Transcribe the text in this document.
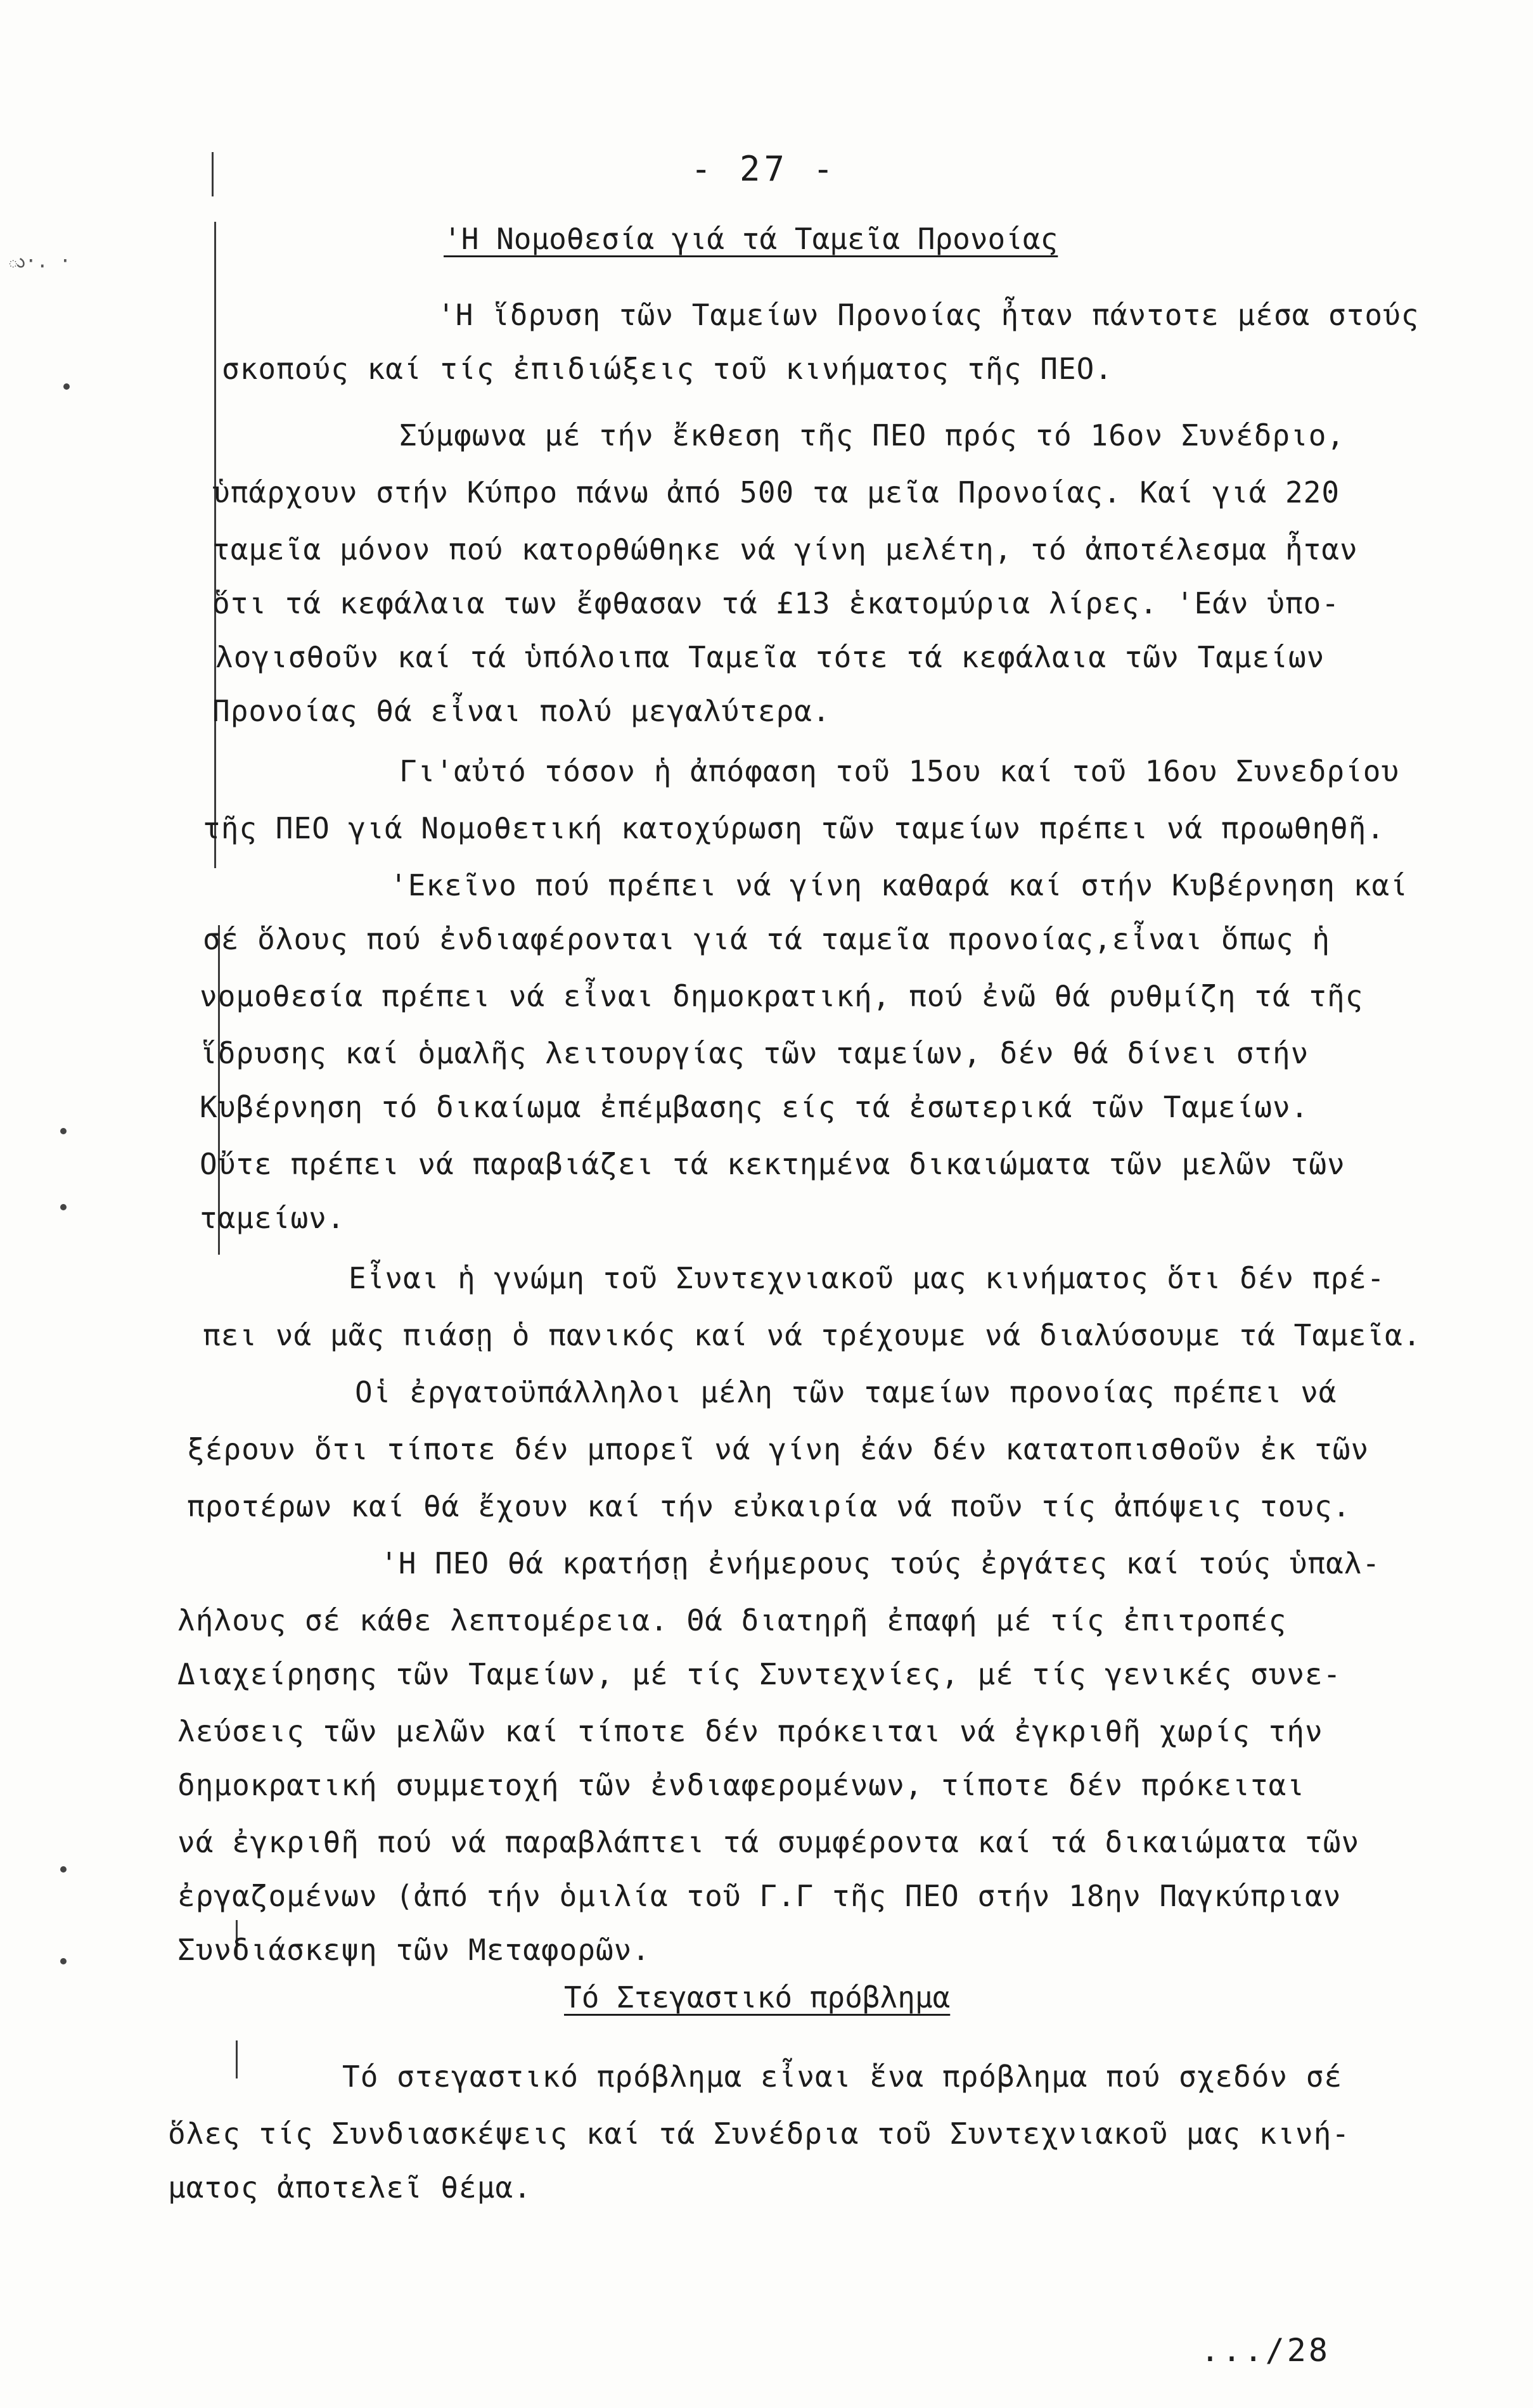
ు·. ·
- 27 -
'Η Νομοθεσία γιά τά Ταμεῖα Προνοίας
'Η ἵδρυση τῶν Ταμείων Προνοίας ἦταν πάντοτε μέσα στούς
σκοπούς καί τίς ἐπιδιώξεις τοῦ κινήματος τῆς ΠΕΟ.
Σύμφωνα μέ τήν ἔκθεση τῆς ΠΕΟ πρός τό 16ον Συνέδριο,
ὑπάρχουν στήν Κύπρο πάνω ἀπό 500 τα μεῖα Προνοίας. Καί γιά 220
ταμεῖα μόνον πού κατορθώθηκε νά γίνη μελέτη, τό ἀποτέλεσμα ἦταν
ὅτι τά κεφάλαια των ἔφθασαν τά £13 ἑκατομύρια λίρες. 'Εάν ὑπο-
λογισθοῦν καί τά ὑπόλοιπα Ταμεῖα τότε τά κεφάλαια τῶν Ταμείων
Προνοίας θά εἶναι πολύ μεγαλύτερα.
Γι'αὐτό τόσον ἡ ἀπόφαση τοῦ 15ου καί τοῦ 16ου Συνεδρίου
τῆς ΠΕΟ γιά Νομοθετική κατοχύρωση τῶν ταμείων πρέπει νά προωθηθῆ.
'Εκεῖνο πού πρέπει νά γίνη καθαρά καί στήν Κυβέρνηση καί
σέ ὅλους πού ἐνδιαφέρονται γιά τά ταμεῖα προνοίας,εἶναι ὅπως ἡ
νομοθεσία πρέπει νά εἶναι δημοκρατική, πού ἐνῶ θά ρυθμίζη τά τῆς
ἵδρυσης καί ὁμαλῆς λειτουργίας τῶν ταμείων, δέν θά δίνει στήν
Κυβέρνηση τό δικαίωμα ἐπέμβασης είς τά ἐσωτερικά τῶν Ταμείων.
Οὔτε πρέπει νά παραβιάζει τά κεκτημένα δικαιώματα τῶν μελῶν τῶν
ταμείων.
Εἶναι ἡ γνώμη τοῦ Συντεχνιακοῦ μας κινήματος ὅτι δέν πρέ-
πει νά μᾶς πιάσῃ ὁ πανικός καί νά τρέχουμε νά διαλύσουμε τά Ταμεῖα.
Οἱ ἐργατοϋπάλληλοι μέλη τῶν ταμείων προνοίας πρέπει νά
ξέρουν ὅτι τίποτε δέν μπορεῖ νά γίνη ἐάν δέν κατατοπισθοῦν ἐκ τῶν
προτέρων καί θά ἔχουν καί τήν εὐκαιρία νά ποῦν τίς ἀπόψεις τους.
'Η ΠΕΟ θά κρατήσῃ ἐνήμερους τούς ἐργάτες καί τούς ὑπαλ-
λήλους σέ κάθε λεπτομέρεια. Θά διατηρῆ ἐπαφή μέ τίς ἐπιτροπές
Διαχείρησης τῶν Ταμείων, μέ τίς Συντεχνίες, μέ τίς γενικές συνε-
λεύσεις τῶν μελῶν καί τίποτε δέν πρόκειται νά ἐγκριθῆ χωρίς τήν
δημοκρατική συμμετοχή τῶν ἐνδιαφερομένων, τίποτε δέν πρόκειται
νά ἐγκριθῆ πού νά παραβλάπτει τά συμφέροντα καί τά δικαιώματα τῶν
ἐργαζομένων (ἀπό τήν ὁμιλία τοῦ Γ.Γ τῆς ΠΕΟ στήν 18ην Παγκύπριαν
Συνδιάσκεψη τῶν Μεταφορῶν.
Τό Στεγαστικό πρόβλημα
Τό στεγαστικό πρόβλημα εἶναι ἕνα πρόβλημα πού σχεδόν σέ
ὅλες τίς Συνδιασκέψεις καί τά Συνέδρια τοῦ Συντεχνιακοῦ μας κινή-
ματος ἀποτελεῖ θέμα.
.../28
